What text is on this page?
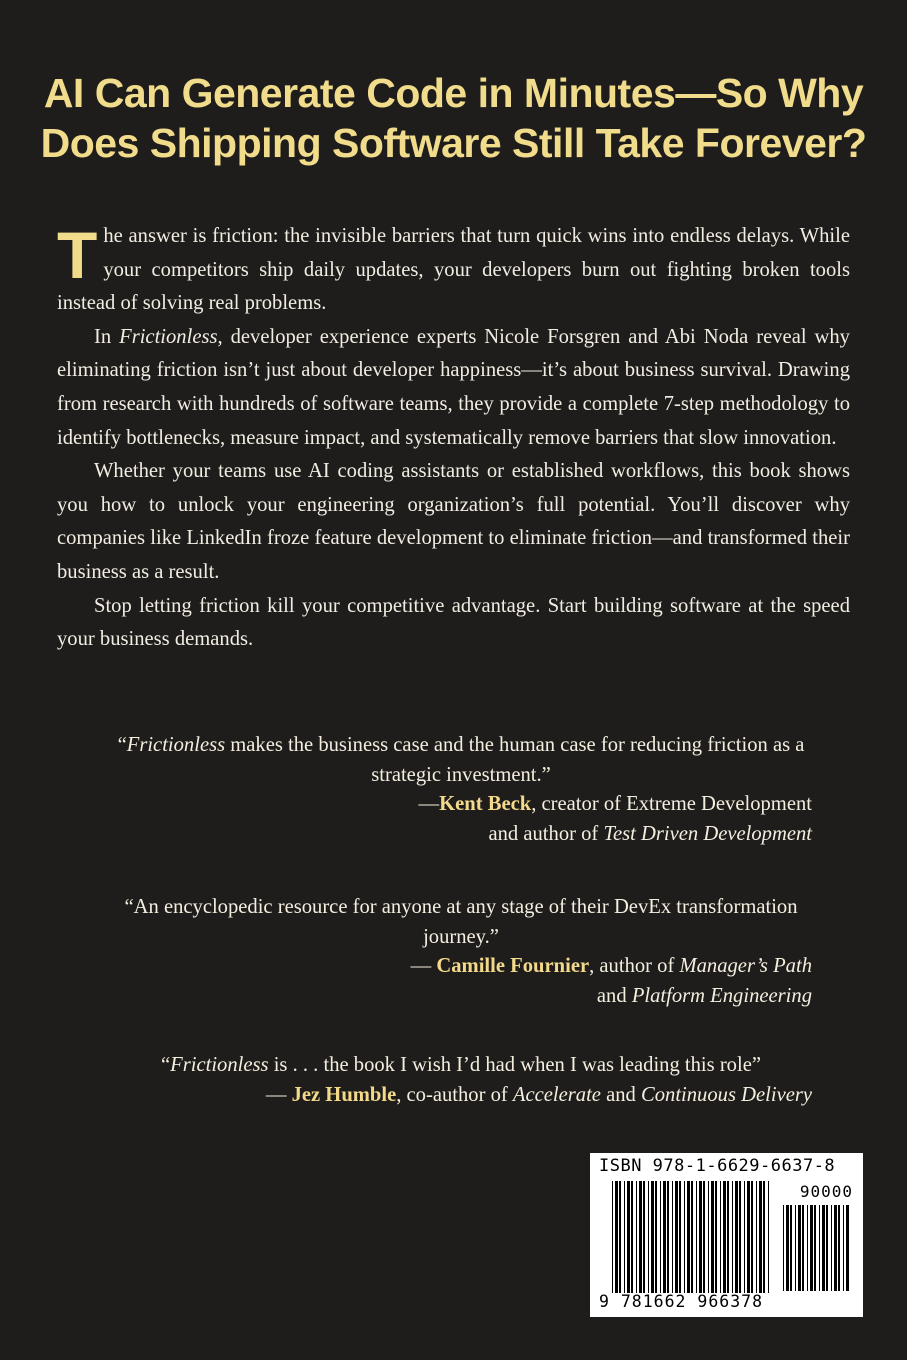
AI Can Generate Code in Minutes—So Why
Does Shipping Software Still Take Forever?

The answer is friction: the invisible barriers that turn quick wins into endless delays. While your competitors ship daily updates, your developers burn out fighting broken tools instead of solving real problems.

In Frictionless, developer experience experts Nicole Forsgren and Abi Noda reveal why eliminating friction isn’t just about developer happiness—it’s about business survival. Drawing from research with hundreds of software teams, they provide a complete 7-step methodology to identify bottlenecks, measure impact, and systematically remove barriers that slow innovation.

Whether your teams use AI coding assistants or established workflows, this book shows you how to unlock your engineering organization’s full potential. You’ll discover why companies like LinkedIn froze feature development to eliminate friction—and transformed their business as a result.

Stop letting friction kill your competitive advantage. Start building software at the speed your business demands.

“Frictionless makes the business case and the human case for reducing friction as a strategic investment.”
—Kent Beck, creator of Extreme Development
and author of Test Driven Development
“An encyclopedic resource for anyone at any stage of their DevEx transformation journey.”
— Camille Fournier, author of Manager’s Path
and Platform Engineering
“Frictionless is . . . the book I wish I’d had when I was leading this role”
— Jez Humble, co-author of Accelerate and Continuous Delivery
ISBN 978-1-6629-6637-8
90000
9 781662 966378
